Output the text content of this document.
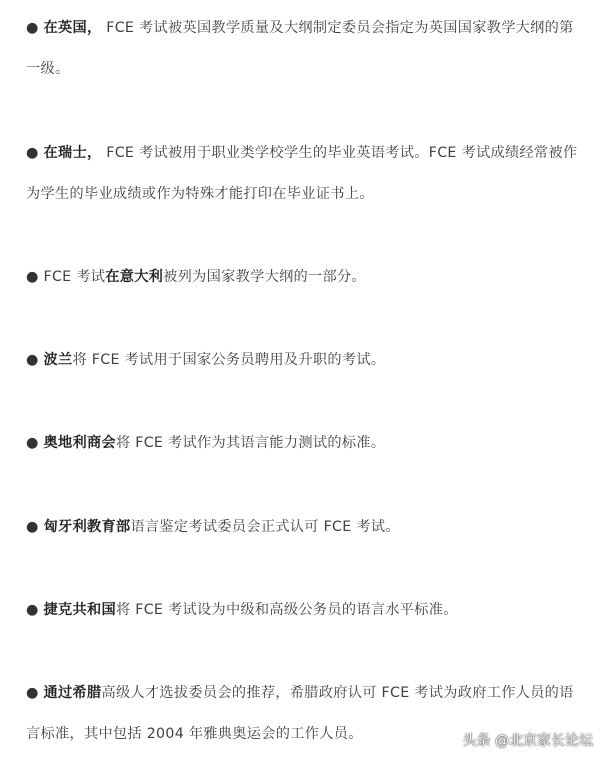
● 在英国， FCE 考试被英国教学质量及大纲制定委员会指定为英国国家教学大纲的第一级。
● 在瑞士， FCE 考试被用于职业类学校学生的毕业英语考试。FCE 考试成绩经常被作为学生的毕业成绩或作为特殊才能打印在毕业证书上。
● FCE 考试在意大利被列为国家教学大纲的一部分。
● 波兰将 FCE 考试用于国家公务员聘用及升职的考试。
● 奥地利商会将 FCE 考试作为其语言能力测试的标准。
● 匈牙利教育部语言鉴定考试委员会正式认可 FCE 考试。
● 捷克共和国将 FCE 考试设为中级和高级公务员的语言水平标准。
● 通过希腊高级人才选拔委员会的推荐，希腊政府认可 FCE 考试为政府工作人员的语言标准，其中包括 2004 年雅典奥运会的工作人员。	头条 @北京家长论坛
